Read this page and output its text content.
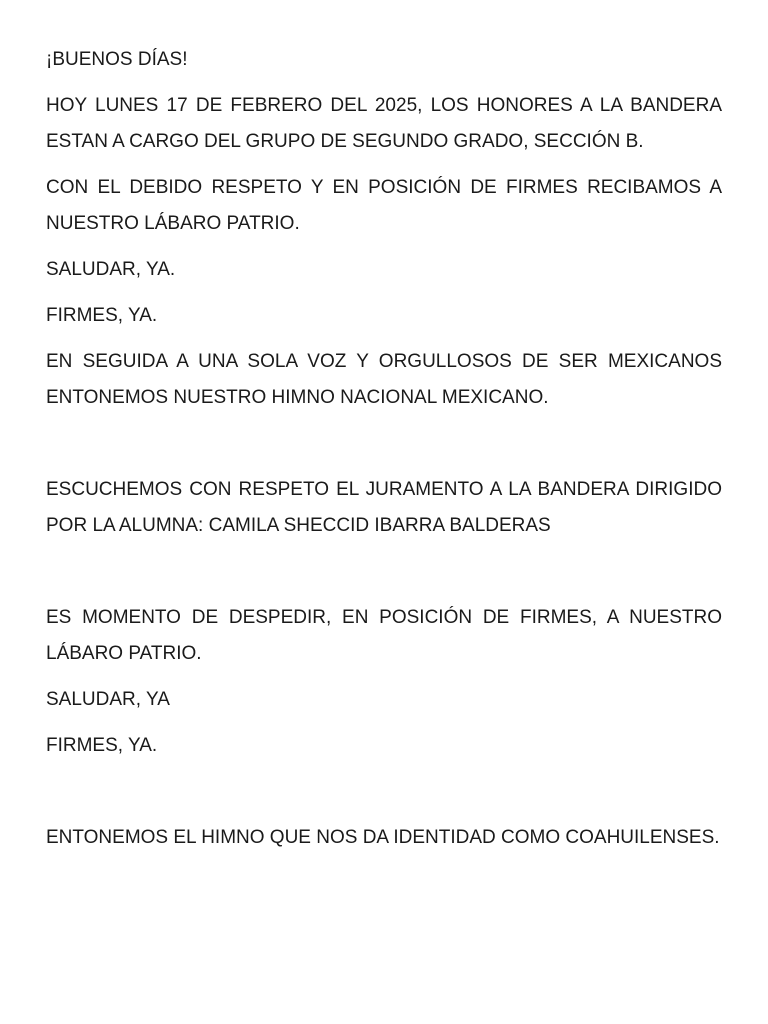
¡BUENOS DÍAS!

HOY LUNES 17 DE FEBRERO DEL 2025, LOS HONORES A LA BANDERA ESTAN A CARGO DEL GRUPO DE SEGUNDO GRADO, SECCIÓN B.

CON EL DEBIDO RESPETO Y EN POSICIÓN DE FIRMES RECIBAMOS A NUESTRO LÁBARO PATRIO.

SALUDAR, YA.

FIRMES, YA.

EN SEGUIDA A UNA SOLA VOZ Y ORGULLOSOS DE SER MEXICANOS ENTONEMOS NUESTRO HIMNO NACIONAL MEXICANO.

ESCUCHEMOS CON RESPETO EL JURAMENTO A LA BANDERA DIRIGIDO POR LA ALUMNA: CAMILA SHECCID IBARRA BALDERAS

ES MOMENTO DE DESPEDIR, EN POSICIÓN DE FIRMES, A NUESTRO LÁBARO PATRIO.

SALUDAR, YA

FIRMES, YA.

ENTONEMOS EL HIMNO QUE NOS DA IDENTIDAD COMO COAHUILENSES.
